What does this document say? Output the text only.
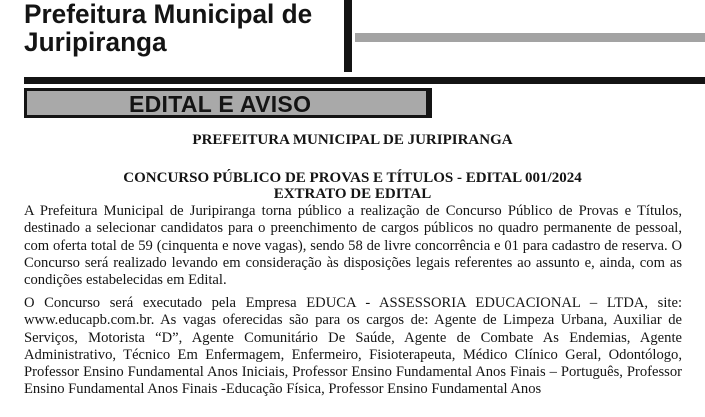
Prefeitura Municipal de Juripiranga
EDITAL E AVISO
PREFEITURA MUNICIPAL DE JURIPIRANGA
CONCURSO PÚBLICO DE PROVAS E TÍTULOS - EDITAL 001/2024
EXTRATO DE EDITAL
A Prefeitura Municipal de Juripiranga torna público a realização de Concurso Público de Provas e Títulos, destinado a selecionar candidatos para o preenchimento de cargos públicos no quadro permanente de pessoal, com oferta total de 59 (cinquenta e nove vagas), sendo 58 de livre concorrência e 01 para cadastro de reserva. O Concurso será realizado levando em consideração às disposições legais referentes ao assunto e, ainda, com as condições estabelecidas em Edital.
O Concurso será executado pela Empresa EDUCA - ASSESSORIA EDUCACIONAL – LTDA, site: www.educapb.com.br. As vagas oferecidas são para os cargos de: Agente de Limpeza Urbana, Auxiliar de Serviços, Motorista “D”, Agente Comunitário De Saúde, Agente de Combate As Endemias, Agente Administrativo, Técnico Em Enfermagem, Enfermeiro, Fisioterapeuta, Médico Clínico Geral, Odontólogo, Professor Ensino Fundamental Anos Iniciais, Professor Ensino Fundamental Anos Finais – Português, Professor Ensino Fundamental Anos Finais -Educação Física, Professor Ensino Fundamental Anos
